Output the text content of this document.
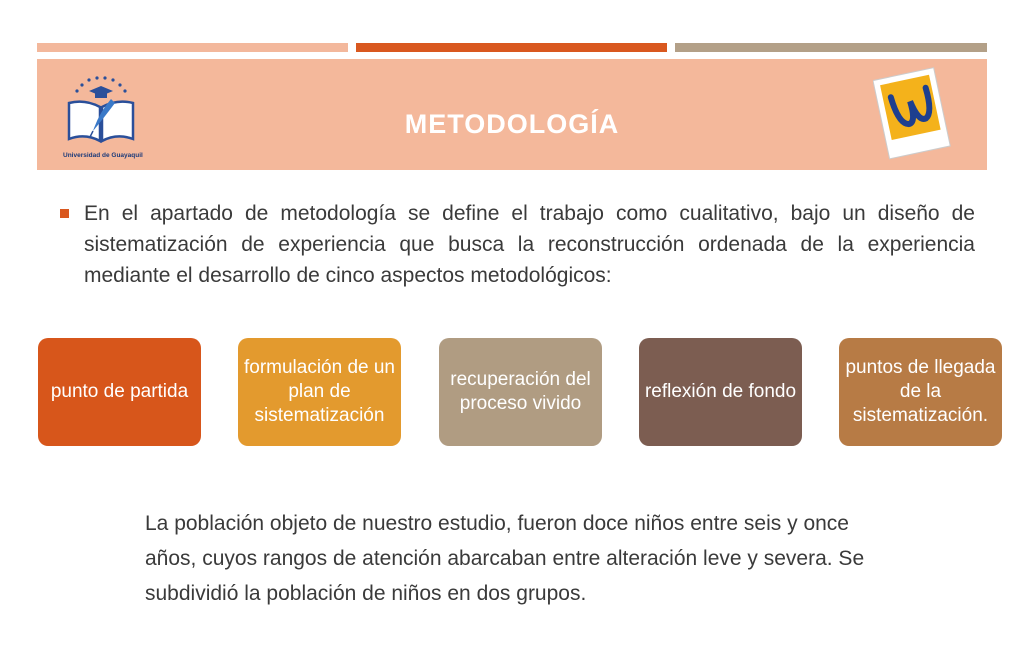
Universidad de Guayaquil
METODOLOGÍA
En el apartado de metodología se define el trabajo como cualitativo, bajo un diseño de sistematización de experiencia que busca la reconstrucción ordenada de la experiencia mediante el desarrollo de cinco aspectos metodológicos:
punto de partida
formulación de un plan de sistematización
recuperación del proceso vivido
reflexión de fondo
puntos de llegada de la sistematización.
La población objeto de nuestro estudio, fueron doce niños entre seis y once años, cuyos rangos de atención abarcaban entre alteración leve y severa. Se subdividió la población de niños en dos grupos.
